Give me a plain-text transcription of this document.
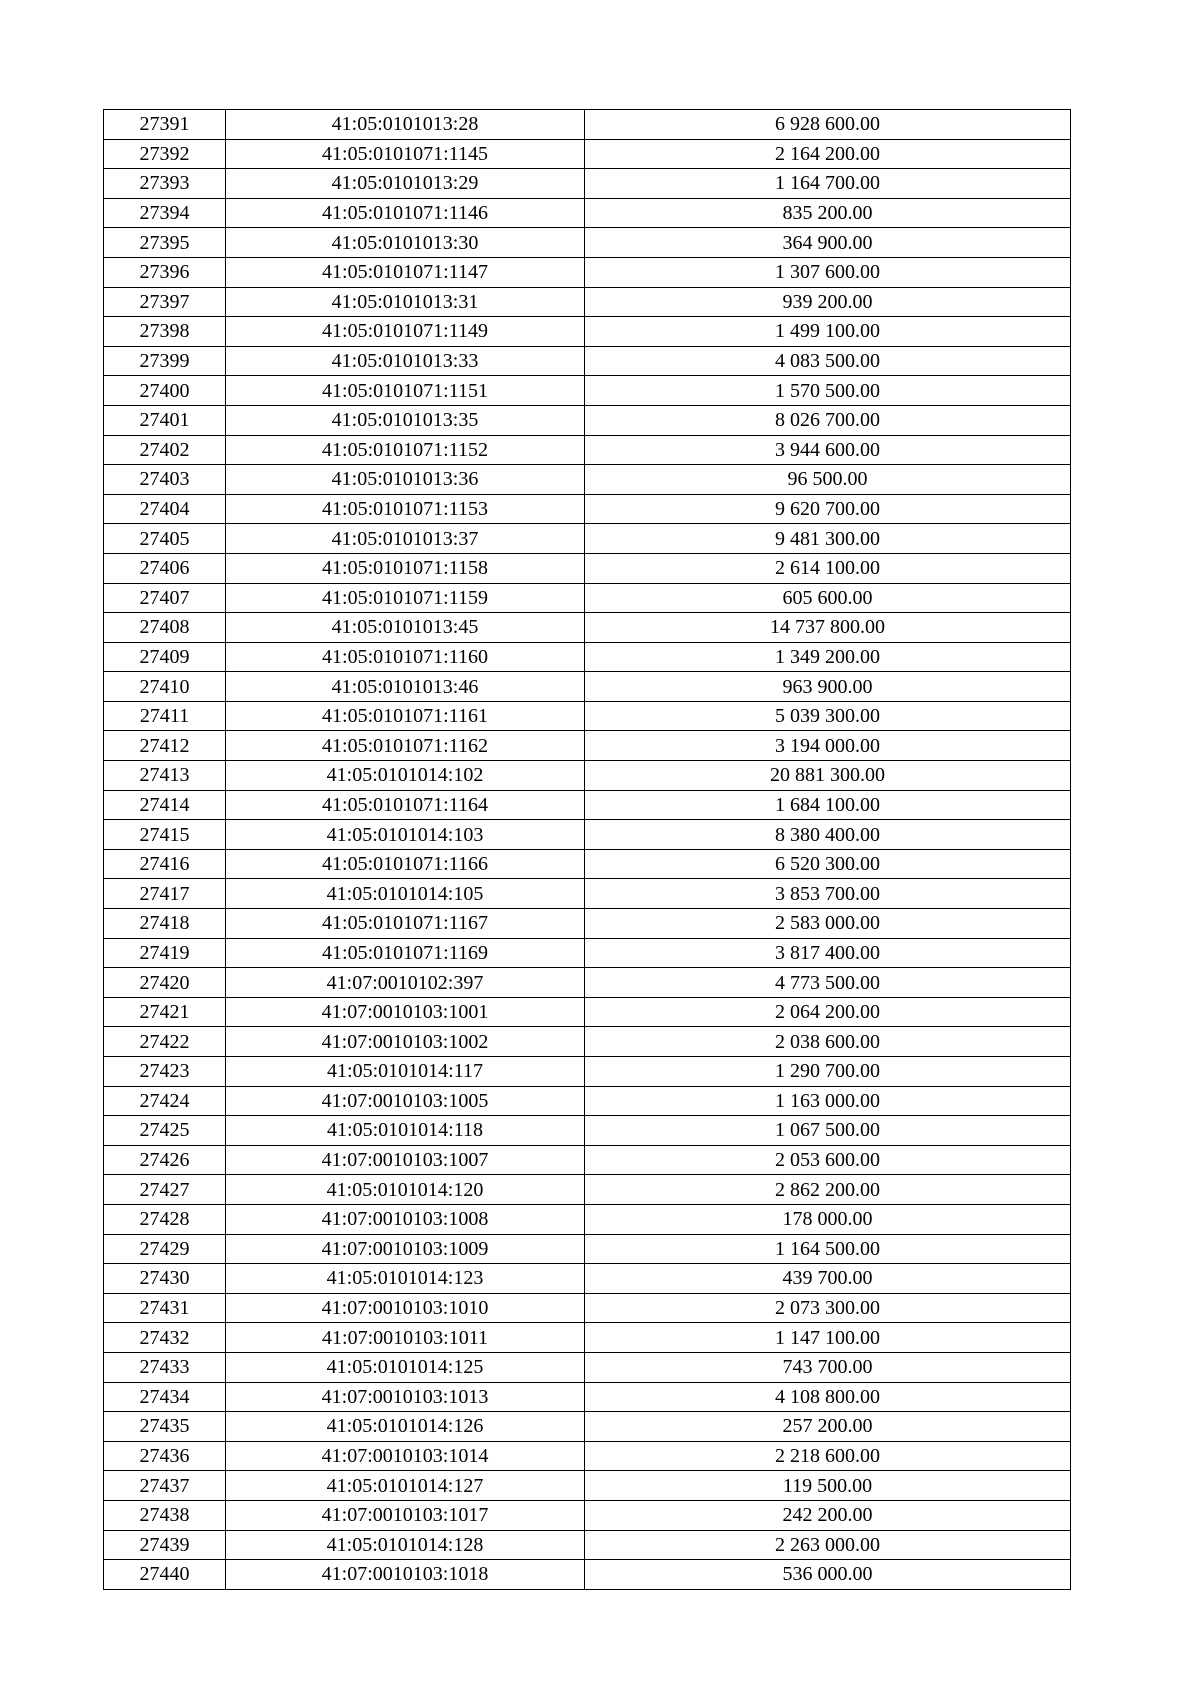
27391	41:05:0101013:28	6 928 600.00
27392	41:05:0101071:1145	2 164 200.00
27393	41:05:0101013:29	1 164 700.00
27394	41:05:0101071:1146	835 200.00
27395	41:05:0101013:30	364 900.00
27396	41:05:0101071:1147	1 307 600.00
27397	41:05:0101013:31	939 200.00
27398	41:05:0101071:1149	1 499 100.00
27399	41:05:0101013:33	4 083 500.00
27400	41:05:0101071:1151	1 570 500.00
27401	41:05:0101013:35	8 026 700.00
27402	41:05:0101071:1152	3 944 600.00
27403	41:05:0101013:36	96 500.00
27404	41:05:0101071:1153	9 620 700.00
27405	41:05:0101013:37	9 481 300.00
27406	41:05:0101071:1158	2 614 100.00
27407	41:05:0101071:1159	605 600.00
27408	41:05:0101013:45	14 737 800.00
27409	41:05:0101071:1160	1 349 200.00
27410	41:05:0101013:46	963 900.00
27411	41:05:0101071:1161	5 039 300.00
27412	41:05:0101071:1162	3 194 000.00
27413	41:05:0101014:102	20 881 300.00
27414	41:05:0101071:1164	1 684 100.00
27415	41:05:0101014:103	8 380 400.00
27416	41:05:0101071:1166	6 520 300.00
27417	41:05:0101014:105	3 853 700.00
27418	41:05:0101071:1167	2 583 000.00
27419	41:05:0101071:1169	3 817 400.00
27420	41:07:0010102:397	4 773 500.00
27421	41:07:0010103:1001	2 064 200.00
27422	41:07:0010103:1002	2 038 600.00
27423	41:05:0101014:117	1 290 700.00
27424	41:07:0010103:1005	1 163 000.00
27425	41:05:0101014:118	1 067 500.00
27426	41:07:0010103:1007	2 053 600.00
27427	41:05:0101014:120	2 862 200.00
27428	41:07:0010103:1008	178 000.00
27429	41:07:0010103:1009	1 164 500.00
27430	41:05:0101014:123	439 700.00
27431	41:07:0010103:1010	2 073 300.00
27432	41:07:0010103:1011	1 147 100.00
27433	41:05:0101014:125	743 700.00
27434	41:07:0010103:1013	4 108 800.00
27435	41:05:0101014:126	257 200.00
27436	41:07:0010103:1014	2 218 600.00
27437	41:05:0101014:127	119 500.00
27438	41:07:0010103:1017	242 200.00
27439	41:05:0101014:128	2 263 000.00
27440	41:07:0010103:1018	536 000.00
